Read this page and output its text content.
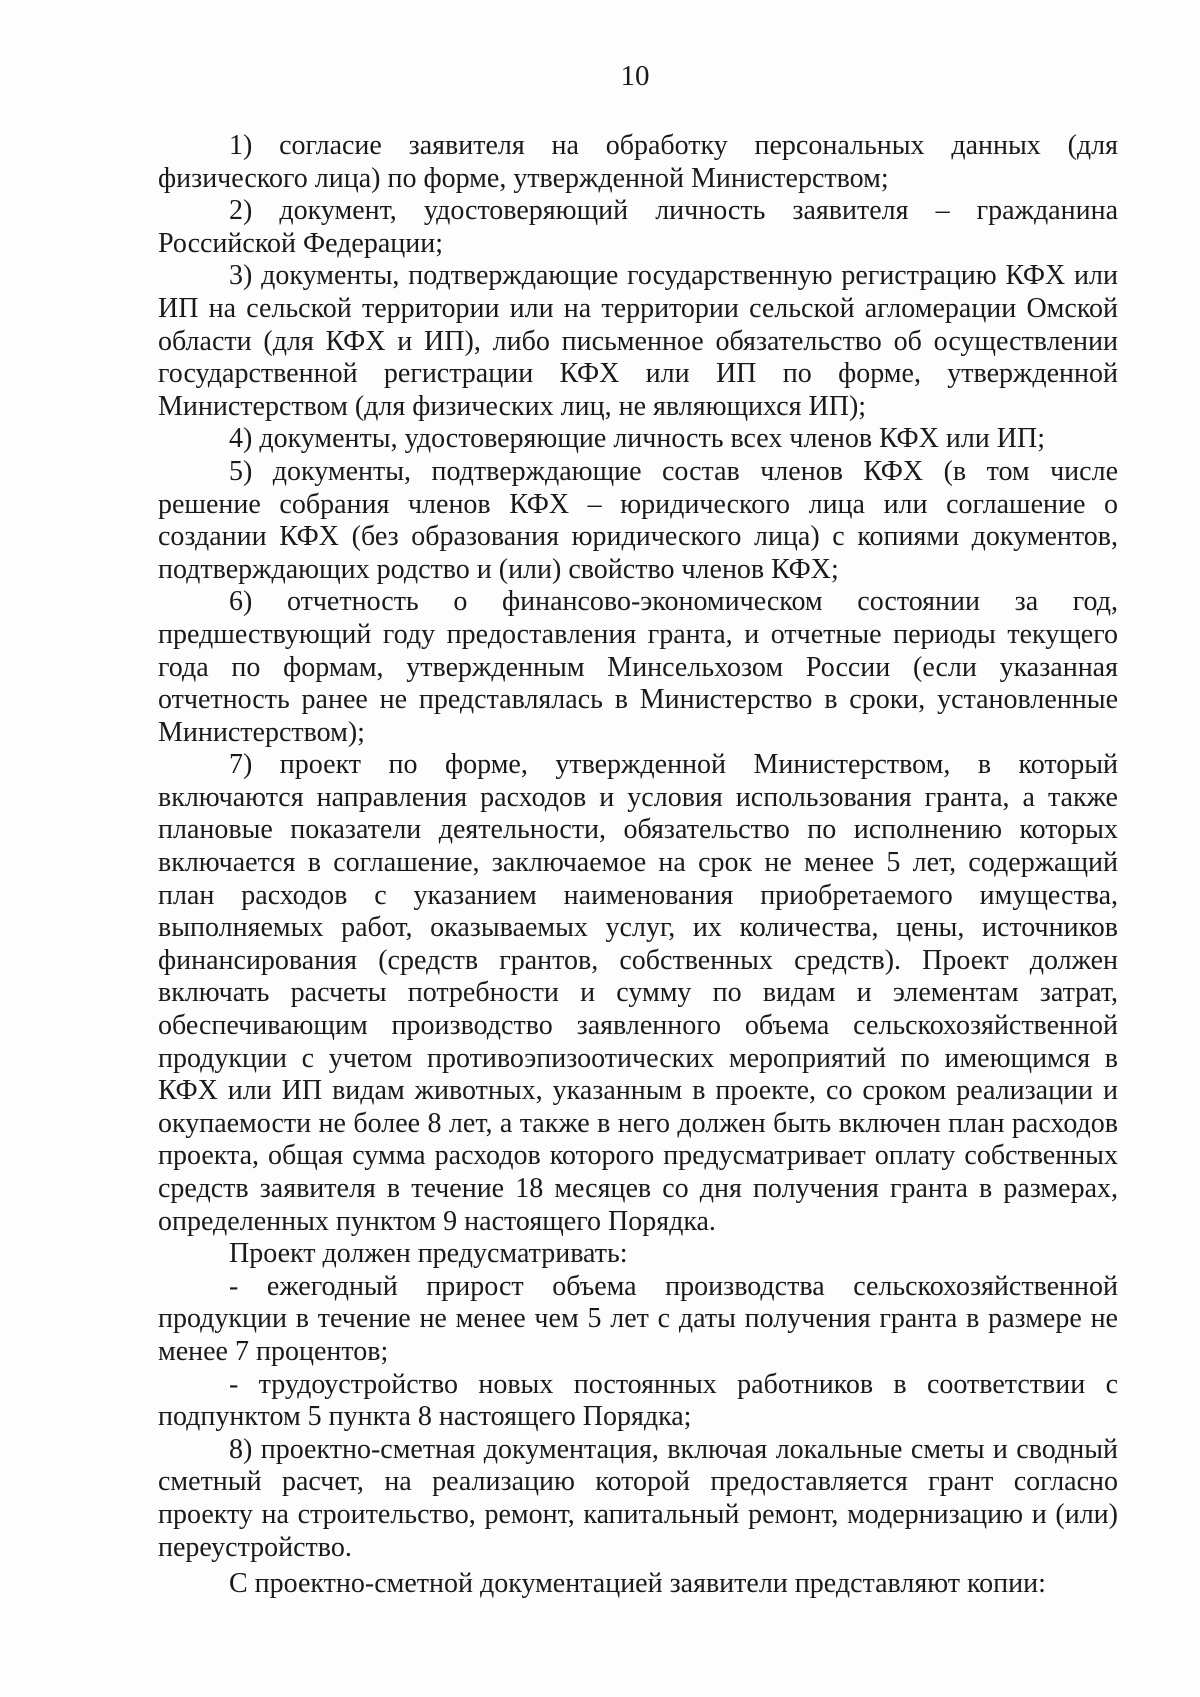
10

1) согласие заявителя на обработку персональных данных (для физического лица) по форме, утвержденной Министерством;

2) документ, удостоверяющий личность заявителя – гражданина Российской Федерации;

3) документы, подтверждающие государственную регистрацию КФХ или ИП на сельской территории или на территории сельской агломерации Омской области (для КФХ и ИП), либо письменное обязательство об осуществлении государственной регистрации КФХ или ИП по форме, утвержденной Министерством (для физических лиц, не являющихся ИП);

4) документы, удостоверяющие личность всех членов КФХ или ИП;

5) документы, подтверждающие состав членов КФХ (в том числе решение собрания членов КФХ – юридического лица или соглашение о создании КФХ (без образования юридического лица) с копиями документов, подтверждающих родство и (или) свойство членов КФХ;

6) отчетность о финансово-экономическом состоянии за год, предшествующий году предоставления гранта, и отчетные периоды текущего года по формам, утвержденным Минсельхозом России (если указанная отчетность ранее не представлялась в Министерство в сроки, установленные Министерством);

7) проект по форме, утвержденной Министерством, в который включаются направления расходов и условия использования гранта, а также плановые показатели деятельности, обязательство по исполнению которых включается в соглашение, заключаемое на срок не менее 5 лет, содержащий план расходов с указанием наименования приобретаемого имущества, выполняемых работ, оказываемых услуг, их количества, цены, источников финансирования (средств грантов, собственных средств). Проект должен включать расчеты потребности и сумму по видам и элементам затрат, обеспечивающим производство заявленного объема сельскохозяйственной продукции с учетом противоэпизоотических мероприятий по имеющимся в КФХ или ИП видам животных, указанным в проекте, со сроком реализации и окупаемости не более 8 лет, а также в него должен быть включен план расходов проекта, общая сумма расходов которого предусматривает оплату собственных средств заявителя в течение 18 месяцев со дня получения гранта в размерах, определенных пунктом 9 настоящего Порядка.

Проект должен предусматривать:

- ежегодный прирост объема производства сельскохозяйственной продукции в течение не менее чем 5 лет с даты получения гранта в размере не менее 7 процентов;

- трудоустройство новых постоянных работников в соответствии с подпунктом 5 пункта 8 настоящего Порядка;

8) проектно-сметная документация, включая локальные сметы и сводный сметный расчет, на реализацию которой предоставляется грант согласно проекту на строительство, ремонт, капитальный ремонт, модернизацию и (или) переустройство.

С проектно-сметной документацией заявители представляют копии:
